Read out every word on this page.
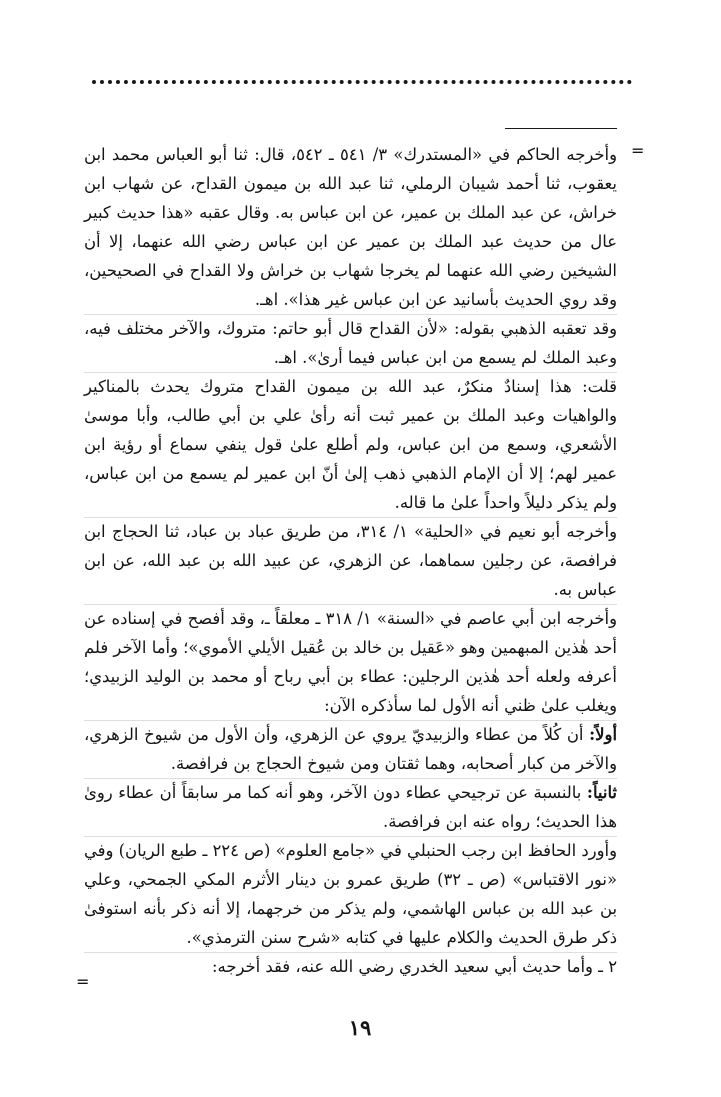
=

وأخرجه الحاكم في «المستدرك» ٣/ ٥٤١ ـ ٥٤٢، قال: ثنا أبو العباس محمد ابن يعقوب، ثنا أحمد شيبان الرملي، ثنا عبد الله بن ميمون القداح، عن شهاب ابن خراش، عن عبد الملك بن عمير، عن ابن عباس به. وقال عقبه «هذا حديث كبير عال من حديث عبد الملك بن عمير عن ابن عباس رضي الله عنهما، إلا أن الشيخين رضي الله عنهما لم يخرجا شهاب بن خراش ولا القداح في الصحيحين، وقد روي الحديث بأسانيد عن ابن عباس غير هذا». اهـ.

وقد تعقبه الذهبي بقوله: «لأن القداح قال أبو حاتم: متروك، والآخر مختلف فيه، وعبد الملك لم يسمع من ابن عباس فيما أرىٰ». اهـ.

قلت: هذا إسنادٌ منكرٌ، عبد الله بن ميمون القداح متروك يحدث بالمناكير والواهيات وعبد الملك بن عمير ثبت أنه رأىٰ علي بن أبي طالب، وأبا موسىٰ الأشعري، وسمع من ابن عباس، ولم أطلع علىٰ قول ينفي سماع أو رؤية ابن عمير لهم؛ إلا أن الإمام الذهبي ذهب إلىٰ أنّ ابن عمير لم يسمع من ابن عباس، ولم يذكر دليلاً واحداً علىٰ ما قاله.

وأخرجه أبو نعيم في «الحلية» ١/ ٣١٤، من طريق عباد بن عباد، ثنا الحجاج ابن فرافصة، عن رجلين سماهما، عن الزهري، عن عبيد الله بن عبد الله، عن ابن عباس به.

وأخرجه ابن أبي عاصم في «السنة» ١/ ٣١٨ ـ معلقاً ـ، وقد أفصح في إسناده عن أحد هٰذين المبهمين وهو «عَقيل بن خالد بن عُقيل الأيلي الأموي»؛ وأما الآخر فلم أعرفه ولعله أحد هٰذين الرجلين: عطاء بن أبي رباح أو محمد بن الوليد الزبيدي؛ ويغلب علىٰ ظني أنه الأول لما سأذكره الآن:

أولاً: أن كُلاً من عطاء والزبيديّ يروي عن الزهري، وأن الأول من شيوخ الزهري، والآخر من كبار أصحابه، وهما ثقتان ومن شيوخ الحجاج بن فرافصة.

ثانياً: بالنسبة عن ترجيحي عطاء دون الآخر، وهو أنه كما مر سابقاً أن عطاء روىٰ هذا الحديث؛ رواه عنه ابن فرافصة.

وأورد الحافظ ابن رجب الحنبلي في «جامع العلوم» (ص ٢٢٤ ـ طبع الريان) وفي «نور الاقتباس» (ص ـ ٣٢) طريق عمرو بن دينار الأثرم المكي الجمحي، وعلي بن عبد الله بن عباس الهاشمي، ولم يذكر من خرجهما، إلا أنه ذكر بأنه استوفىٰ ذكر طرق الحديث والكلام عليها في كتابه «شرح سنن الترمذي».

٢ ـ وأما حديث أبي سعيد الخدري رضي الله عنه، فقد أخرجه:

=
١٩
